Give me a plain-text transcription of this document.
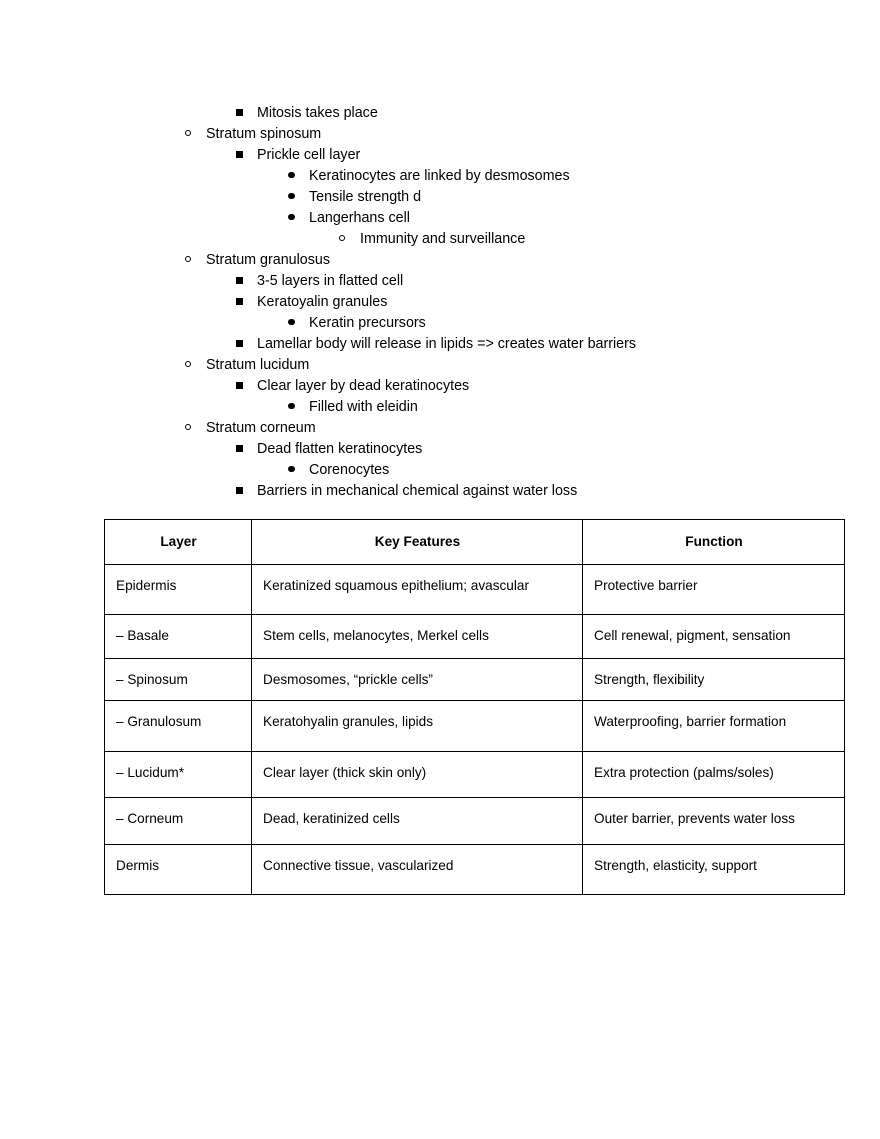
Mitosis takes place
Stratum spinosum
Prickle cell layer
Keratinocytes are linked by desmosomes
Tensile strength d
Langerhans cell
Immunity and surveillance
Stratum granulosus
3-5 layers in flatted cell
Keratoyalin granules
Keratin precursors
Lamellar body will release in lipids => creates water barriers
Stratum lucidum
Clear layer by dead keratinocytes
Filled with eleidin
Stratum corneum
Dead flatten keratinocytes
Corenocytes
Barriers in mechanical chemical against water loss
Layer	Key Features	Function
Epidermis	Keratinized squamous epithelium; avascular	Protective barrier
– Basale	Stem cells, melanocytes, Merkel cells	Cell renewal, pigment, sensation
– Spinosum	Desmosomes, “prickle cells”	Strength, flexibility
– Granulosum	Keratohyalin granules, lipids	Waterproofing, barrier formation
– Lucidum*	Clear layer (thick skin only)	Extra protection (palms/soles)
– Corneum	Dead, keratinized cells	Outer barrier, prevents water loss
Dermis	Connective tissue, vascularized	Strength, elasticity, support
